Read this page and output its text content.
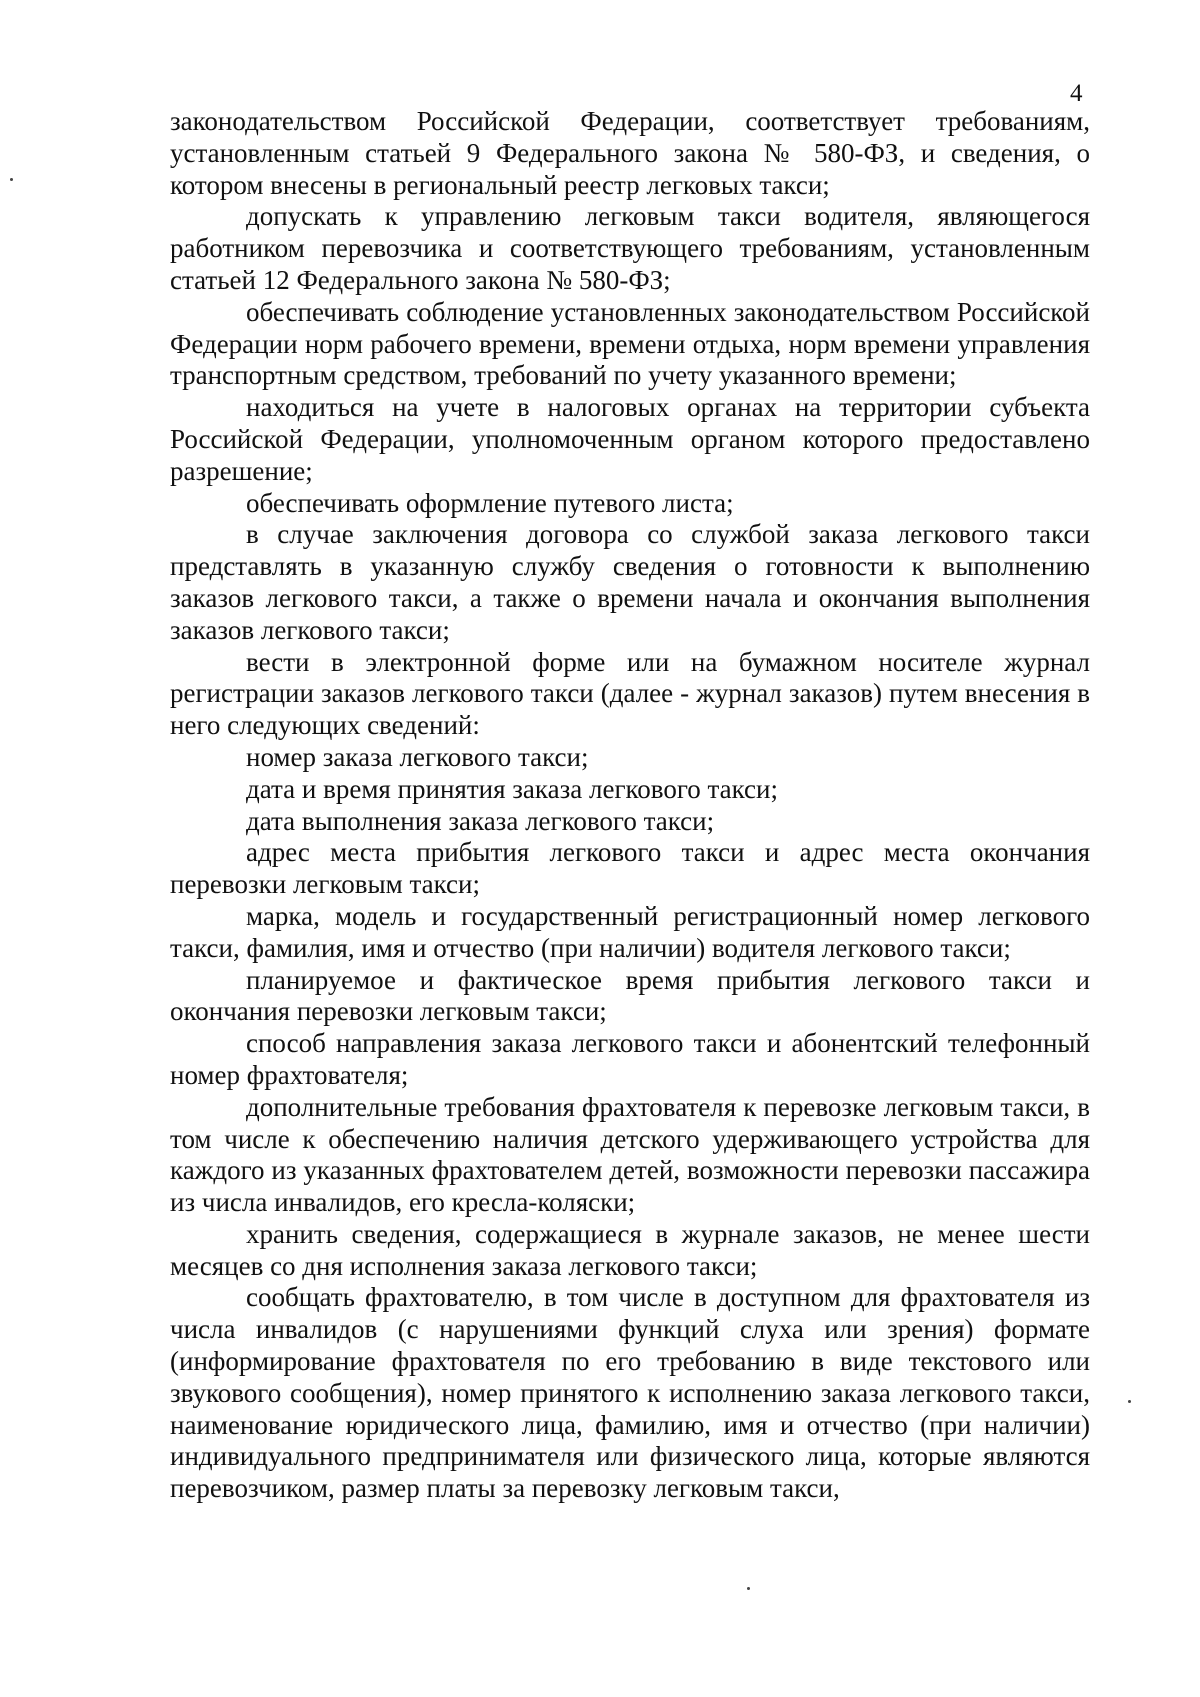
4

законодательством Российской Федерации, соответствует требованиям, установленным статьей 9 Федерального закона № 580-ФЗ, и сведения, о котором внесены в региональный реестр легковых такси;

допускать к управлению легковым такси водителя, являющегося работником перевозчика и соответствующего требованиям, установленным статьей 12 Федерального закона № 580-ФЗ;

обеспечивать соблюдение установленных законодательством Российской Федерации норм рабочего времени, времени отдыха, норм времени управления транспортным средством, требований по учету указанного времени;

находиться на учете в налоговых органах на территории субъекта Российской Федерации, уполномоченным органом которого предоставлено разрешение;

обеспечивать оформление путевого листа;

в случае заключения договора со службой заказа легкового такси представлять в указанную службу сведения о готовности к выполнению заказов легкового такси, а также о времени начала и окончания выполнения заказов легкового такси;

вести в электронной форме или на бумажном носителе журнал регистрации заказов легкового такси (далее - журнал заказов) путем внесения в него следующих сведений:

номер заказа легкового такси;

дата и время принятия заказа легкового такси;

дата выполнения заказа легкового такси;

адрес места прибытия легкового такси и адрес места окончания перевозки легковым такси;

марка, модель и государственный регистрационный номер легкового такси, фамилия, имя и отчество (при наличии) водителя легкового такси;

планируемое и фактическое время прибытия легкового такси и окончания перевозки легковым такси;

способ направления заказа легкового такси и абонентский телефонный номер фрахтователя;

дополнительные требования фрахтователя к перевозке легковым такси, в том числе к обеспечению наличия детского удерживающего устройства для каждого из указанных фрахтователем детей, возможности перевозки пассажира из числа инвалидов, его кресла-коляски;

хранить сведения, содержащиеся в журнале заказов, не менее шести месяцев со дня исполнения заказа легкового такси;

сообщать фрахтователю, в том числе в доступном для фрахтователя из числа инвалидов (с нарушениями функций слуха или зрения) формате (информирование фрахтователя по его требованию в виде текстового или звукового сообщения), номер принятого к исполнению заказа легкового такси, наименование юридического лица, фамилию, имя и отчество (при наличии) индивидуального предпринимателя или физического лица, которые являются перевозчиком, размер платы за перевозку легковым такси,
